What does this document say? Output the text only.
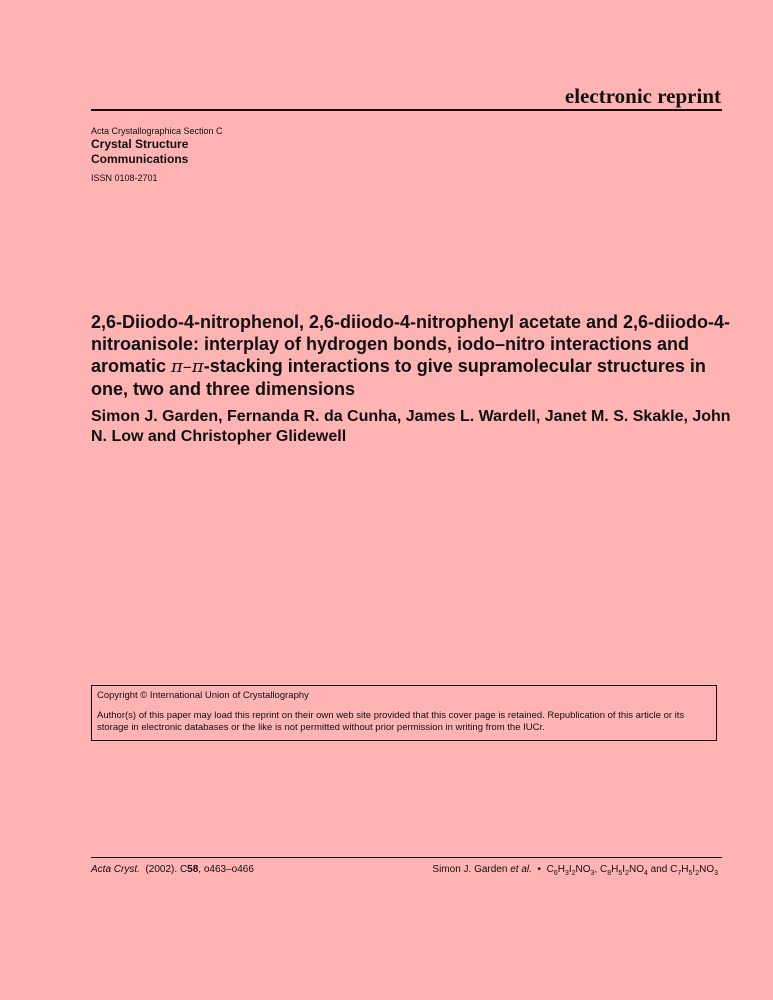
electronic reprint
Acta Crystallographica Section C
Crystal Structure
Communications
ISSN 0108-2701
2,6-Diiodo-4-nitrophenol, 2,6-diiodo-4-nitrophenyl acetate and 2,6-diiodo-4-nitroanisole: interplay of hydrogen bonds, iodo–nitro interactions and aromatic π–π-stacking interactions to give supramolecular structures in one, two and three dimensions
Simon J. Garden, Fernanda R. da Cunha, James L. Wardell, Janet M. S. Skakle, John N. Low and Christopher Glidewell

Copyright © International Union of Crystallography

Author(s) of this paper may load this reprint on their own web site provided that this cover page is retained. Republication of this article or its storage in electronic databases or the like is not permitted without prior permission in writing from the IUCr.

Acta Cryst. (2002). C58, o463–o466	Simon J. Garden et al. • $C_6H_3I_2NO_3$, $C_8H_5I_2NO_4$ and $C_7H_5I_2NO_3$
